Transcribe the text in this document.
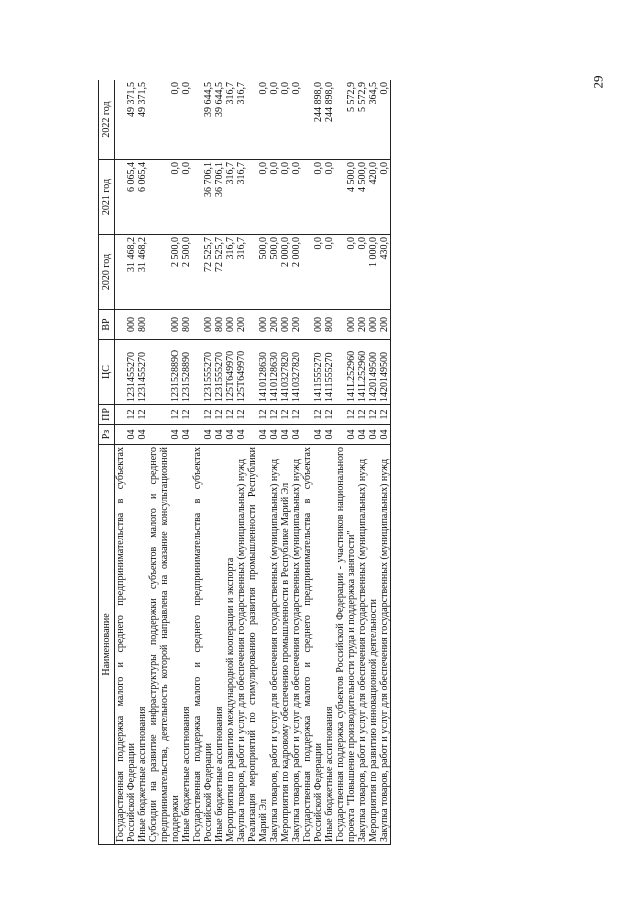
29
Наименование	Рз	ПР	ЦС	ВР	2020 год	2021 год	2022 год
Государственная поддержка малого и среднего предпринимательства в субъектах Российской Федерации	04	12	1231455270	000	31 468,2	6 065,4	49 371,5
Иные бюджетные ассигнования	04	12	1231455270	800	31 468,2	6 065,4	49 371,5
Субсидии на развитие инфраструктуры поддержки субъектов малого и среднего предпринимательства, деятельность которой направлена на оказание консультационной поддержки	04	12	123152889О	000	2 500,0	0,0	0,0
Иные бюджетные ассигнования	04	12	1231528890	800	2 500,0	0,0	0,0
Государственная поддержка малого и среднего предпринимательства в субъектах Российской Федерации	04	12	1231555270	000	72 525,7	36 706,1	39 644,5
Иные бюджетные ассигнования	04	12	1231555270	800	72 525,7	36 706,1	39 644,5
Мероприятия по развитию международной кооперации и экспорта	04	12	125Т649970	000	316,7	316,7	316,7
Закупка товаров, работ и услуг для обеспечения государственных (муниципальных) нужд	04	12	125Т649970	200	316,7	316,7	316,7
Реализация мероприятий по стимулированию развития промышленности Республики Марий Эл	04	12	1410128630	000	500,0	0,0	0,0
Закупка товаров, работ и услуг для обеспечения государственных (муниципальных) нужд	04	12	1410128630	200	500,0	0,0	0,0
Мероприятия по кадровому обеспечению промышленности в Республике Марий Эл	04	12	1410327820	000	2 000,0	0,0	0,0
Закупка товаров, работ и услуг для обеспечения государственных (муниципальных) нужд	04	12	1410327820	200	2 000,0	0,0	0,0
Государственная поддержка малого и среднего предпринимательства в субъектах Российской Федерации	04	12	1411555270	000	0,0	0,0	244 898,0
Иные бюджетные ассигнования	04	12	1411555270	800	0,0	0,0	244 898,0
Государственная поддержка субъектов Российской Федерации - участников национального проекта "Повышение производительности труда и поддержка занятости"	04	12	141L252960	000	0,0	4 500,0	5 572,9
Закупка товаров, работ и услуг для обеспечения государственных (муниципальных) нужд	04	12	141L252960	200	0,0	4 500,0	5 572,9
Мероприятия по развитию инновационной деятельности	04	12	1420149500	000	1 000,0	420,0	364,5
Закупка товаров, работ и услуг для обеспечения государственных (муниципальных) нужд	04	12	1420149500	200	430,0	0,0	0,0
